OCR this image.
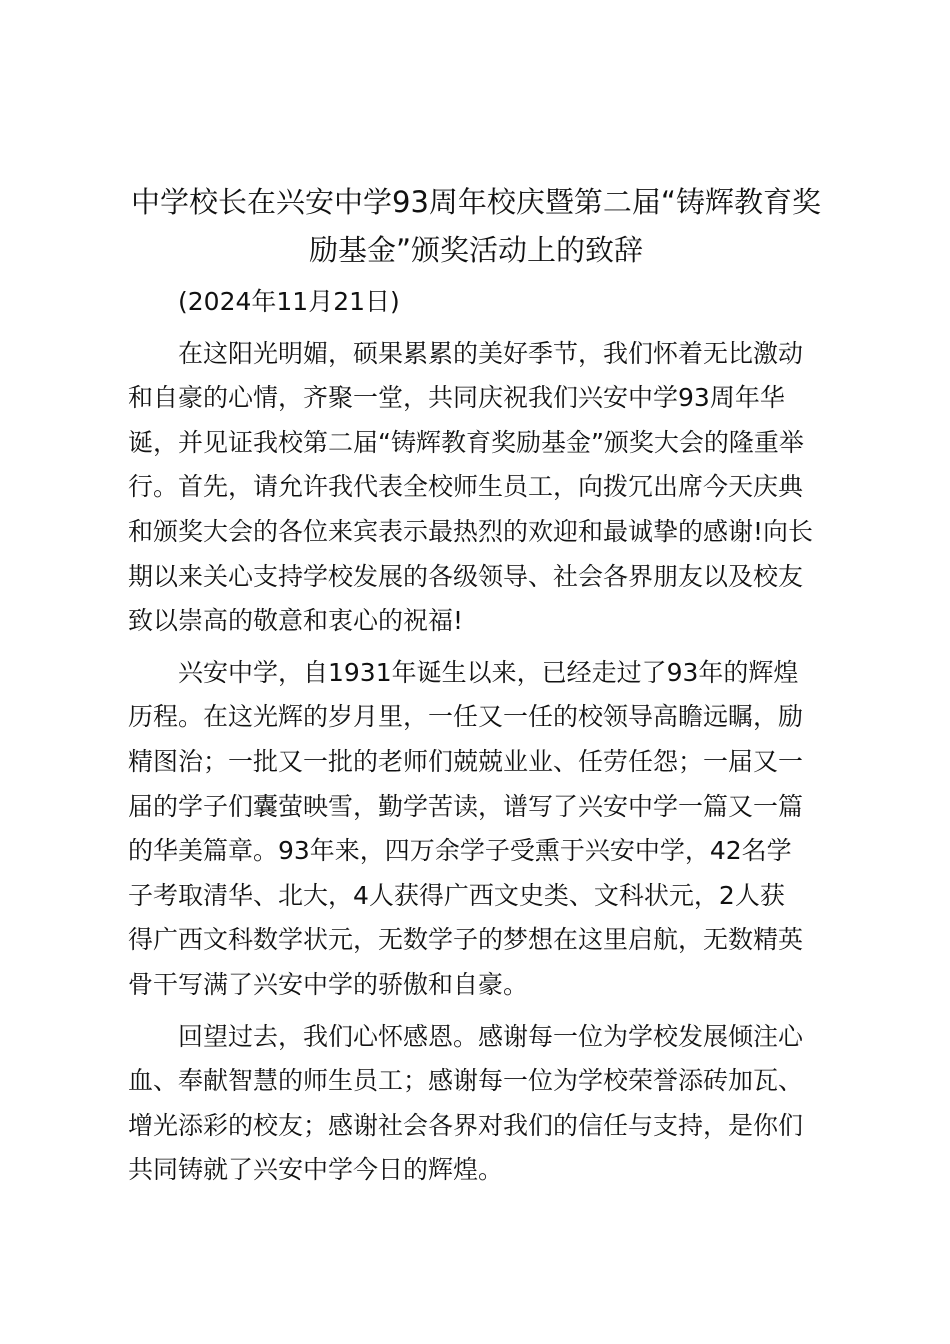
中学校长在兴安中学93周年校庆暨第二届“铸辉教育奖
励基金”颁奖活动上的致辞

(2024年11月21日)

在这阳光明媚，硕果累累的美好季节，我们怀着无比激动
和自豪的心情，齐聚一堂，共同庆祝我们兴安中学93周年华
诞，并见证我校第二届“铸辉教育奖励基金”颁奖大会的隆重举
行。首先，请允许我代表全校师生员工，向拨冗出席今天庆典
和颁奖大会的各位来宾表示最热烈的欢迎和最诚挚的感谢!向长
期以来关心支持学校发展的各级领导、社会各界朋友以及校友
致以崇高的敬意和衷心的祝福!

兴安中学，自1931年诞生以来，已经走过了93年的辉煌
历程。在这光辉的岁月里，一任又一任的校领导高瞻远瞩，励
精图治；一批又一批的老师们兢兢业业、任劳任怨；一届又一
届的学子们囊萤映雪，勤学苦读，谱写了兴安中学一篇又一篇
的华美篇章。93年来，四万余学子受熏于兴安中学，42名学
子考取清华、北大，4人获得广西文史类、文科状元，2人获
得广西文科数学状元，无数学子的梦想在这里启航，无数精英
骨干写满了兴安中学的骄傲和自豪。

回望过去，我们心怀感恩。感谢每一位为学校发展倾注心
血、奉献智慧的师生员工；感谢每一位为学校荣誉添砖加瓦、
增光添彩的校友；感谢社会各界对我们的信任与支持，是你们
共同铸就了兴安中学今日的辉煌。
